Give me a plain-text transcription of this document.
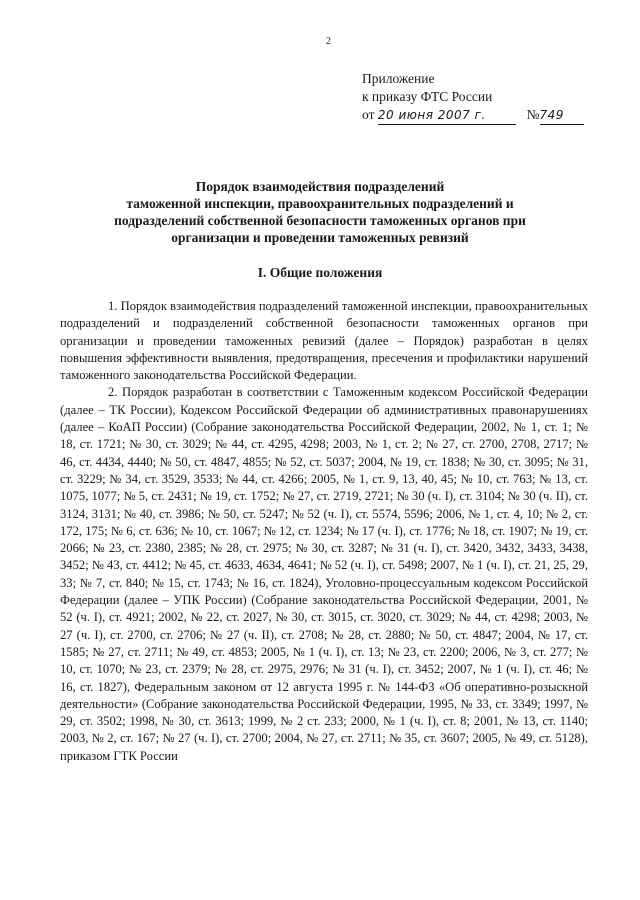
2
Приложение
к приказу ФТС России
от 20 июня 2007 г.	№749
Порядок взаимодействия подразделений
таможенной инспекции, правоохранительных подразделений и
подразделений собственной безопасности таможенных органов при
организации и проведении таможенных ревизий
I. Общие положения

1. Порядок взаимодействия подразделений таможенной инспекции, правоохранительных подразделений и подразделений собственной безопасности таможенных органов при организации и проведении таможенных ревизий (далее – Порядок) разработан в целях повышения эффективности выявления, предотвращения, пресечения и профилактики нарушений таможенного законодательства Российской Федерации.

2. Порядок разработан в соответствии с Таможенным кодексом Российской Федерации (далее – ТК России), Кодексом Российской Федерации об административных правонарушениях (далее – КоАП России) (Собрание законодательства Российской Федерации, 2002, № 1, ст. 1; № 18, ст. 1721; № 30, ст. 3029; № 44, ст. 4295, 4298; 2003, № 1, ст. 2; № 27, ст. 2700, 2708, 2717; № 46, ст. 4434, 4440; № 50, ст. 4847, 4855; № 52, ст. 5037; 2004, № 19, ст. 1838; № 30, ст. 3095; № 31, ст. 3229; № 34, ст. 3529, 3533; № 44, ст. 4266; 2005, № 1, ст. 9, 13, 40, 45; № 10, ст. 763; № 13, ст. 1075, 1077; № 5, ст. 2431; № 19, ст. 1752; № 27, ст. 2719, 2721; № 30 (ч. I), ст. 3104; № 30 (ч. II), ст. 3124, 3131; № 40, ст. 3986; № 50, ст. 5247; № 52 (ч. I), ст. 5574, 5596; 2006, № 1, ст. 4, 10; № 2, ст. 172, 175; № 6, ст. 636; № 10, ст. 1067; № 12, ст. 1234; № 17 (ч. I), ст. 1776; № 18, ст. 1907; № 19, ст. 2066; № 23, ст. 2380, 2385; № 28, ст. 2975; № 30, ст. 3287; № 31 (ч. I), ст. 3420, 3432, 3433, 3438, 3452; № 43, ст. 4412; № 45, ст. 4633, 4634, 4641; № 52 (ч. I), ст. 5498; 2007, № 1 (ч. I), ст. 21, 25, 29, 33; № 7, ст. 840; № 15, ст. 1743; № 16, ст. 1824), Уголовно-процессуальным кодексом Российской Федерации (далее – УПК России) (Собрание законодательства Российской Федерации, 2001, № 52 (ч. I), ст. 4921; 2002, № 22, ст. 2027, № 30, ст. 3015, ст. 3020, ст. 3029; № 44, ст. 4298; 2003, № 27 (ч. I), ст. 2700, ст. 2706; № 27 (ч. II), ст. 2708; № 28, ст. 2880; № 50, ст. 4847; 2004, № 17, ст. 1585; № 27, ст. 2711; № 49, ст. 4853; 2005, № 1 (ч. I), ст. 13; № 23, ст. 2200; 2006, № 3, ст. 277; № 10, ст. 1070; № 23, ст. 2379; № 28, ст. 2975, 2976; № 31 (ч. I), ст. 3452; 2007, № 1 (ч. I), ст. 46; № 16, ст. 1827), Федеральным законом от 12 августа 1995 г. № 144-ФЗ «Об оперативно-розыскной деятельности» (Собрание законодательства Российской Федерации, 1995, № 33, ст. 3349; 1997, № 29, ст. 3502; 1998, № 30, ст. 3613; 1999, № 2 ст. 233; 2000, № 1 (ч. I), ст. 8; 2001, № 13, ст. 1140; 2003, № 2, ст. 167; № 27 (ч. I), ст. 2700; 2004, № 27, ст. 2711; № 35, ст. 3607; 2005, № 49, ст. 5128), приказом ГТК России
